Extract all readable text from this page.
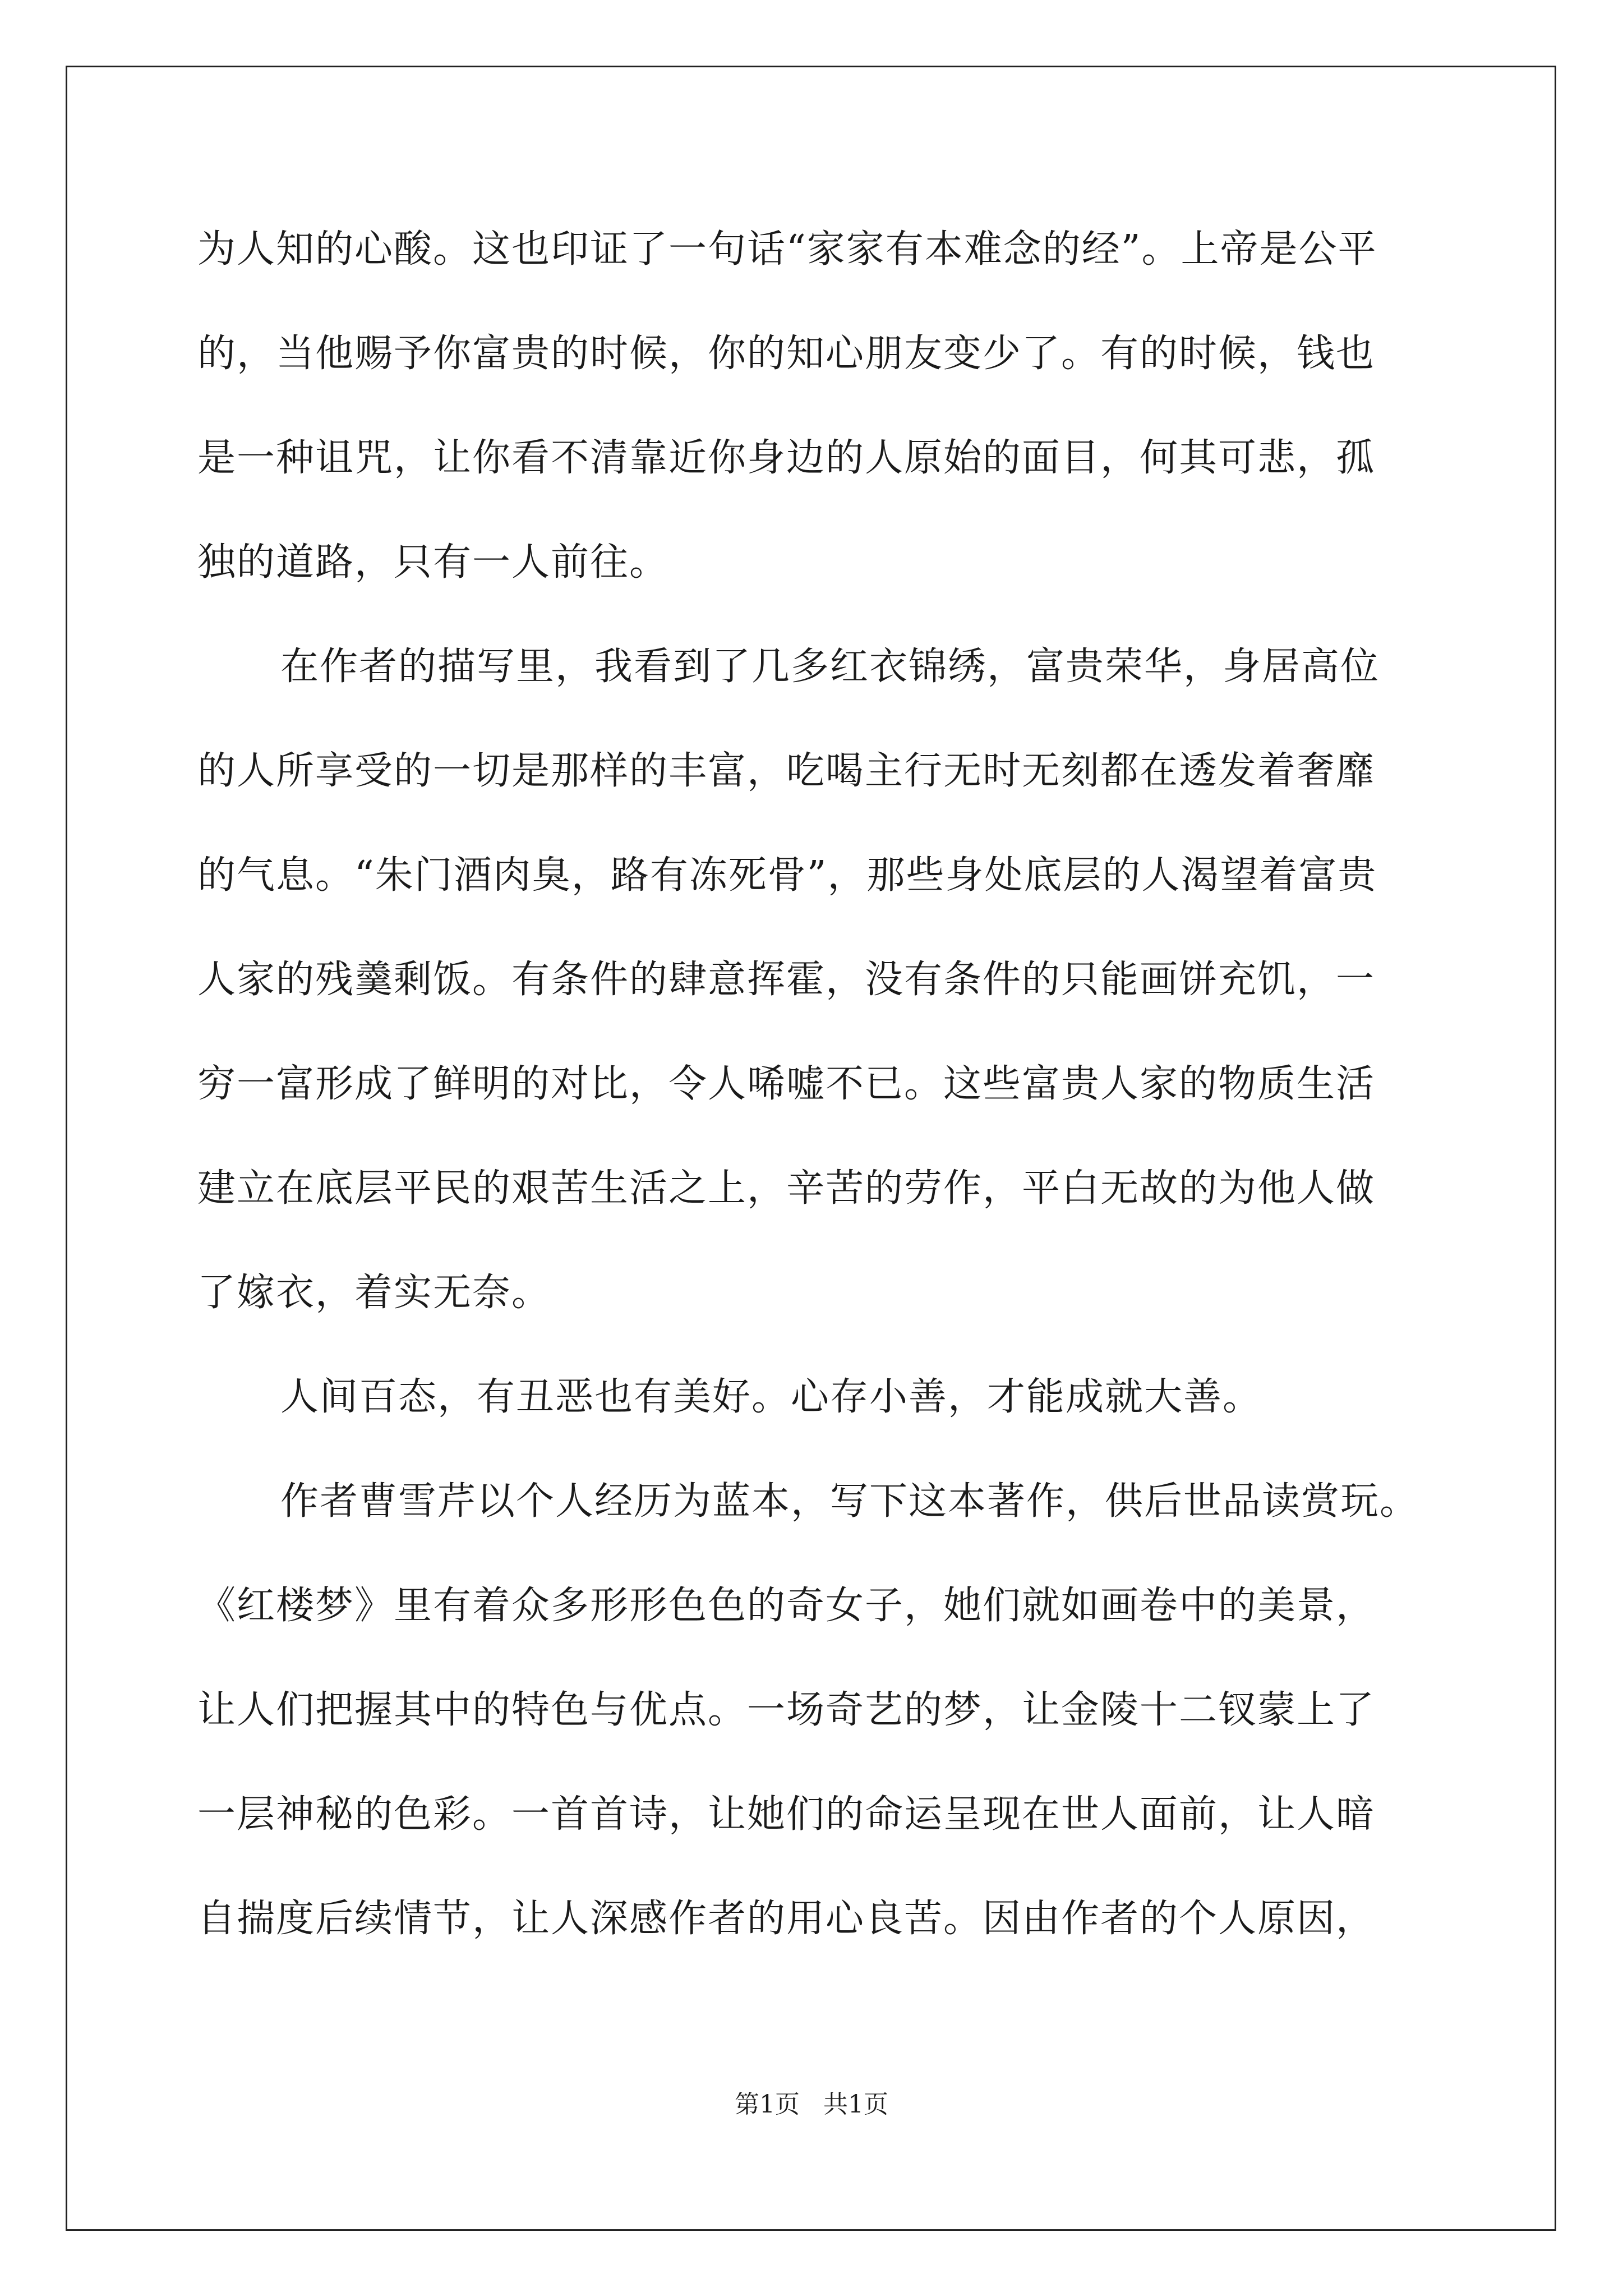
为人知的心酸。这也印证了一句话“家家有本难念的经”。上帝是公平
的，当他赐予你富贵的时候，你的知心朋友变少了。有的时候，钱也
是一种诅咒，让你看不清靠近你身边的人原始的面目，何其可悲，孤
独的道路，只有一人前往。
在作者的描写里，我看到了几多红衣锦绣，富贵荣华，身居高位
的人所享受的一切是那样的丰富，吃喝主行无时无刻都在透发着奢靡
的气息。“朱门酒肉臭，路有冻死骨”，那些身处底层的人渴望着富贵
人家的残羹剩饭。有条件的肆意挥霍，没有条件的只能画饼充饥，一
穷一富形成了鲜明的对比，令人唏嘘不已。这些富贵人家的物质生活
建立在底层平民的艰苦生活之上，辛苦的劳作，平白无故的为他人做
了嫁衣，着实无奈。
人间百态，有丑恶也有美好。心存小善，才能成就大善。
作者曹雪芹以个人经历为蓝本，写下这本著作，供后世品读赏玩。
《红楼梦》里有着众多形形色色的奇女子，她们就如画卷中的美景，
让人们把握其中的特色与优点。一场奇艺的梦，让金陵十二钗蒙上了
一层神秘的色彩。一首首诗，让她们的命运呈现在世人面前，让人暗
自揣度后续情节，让人深感作者的用心良苦。因由作者的个人原因，
第1页   共1页
